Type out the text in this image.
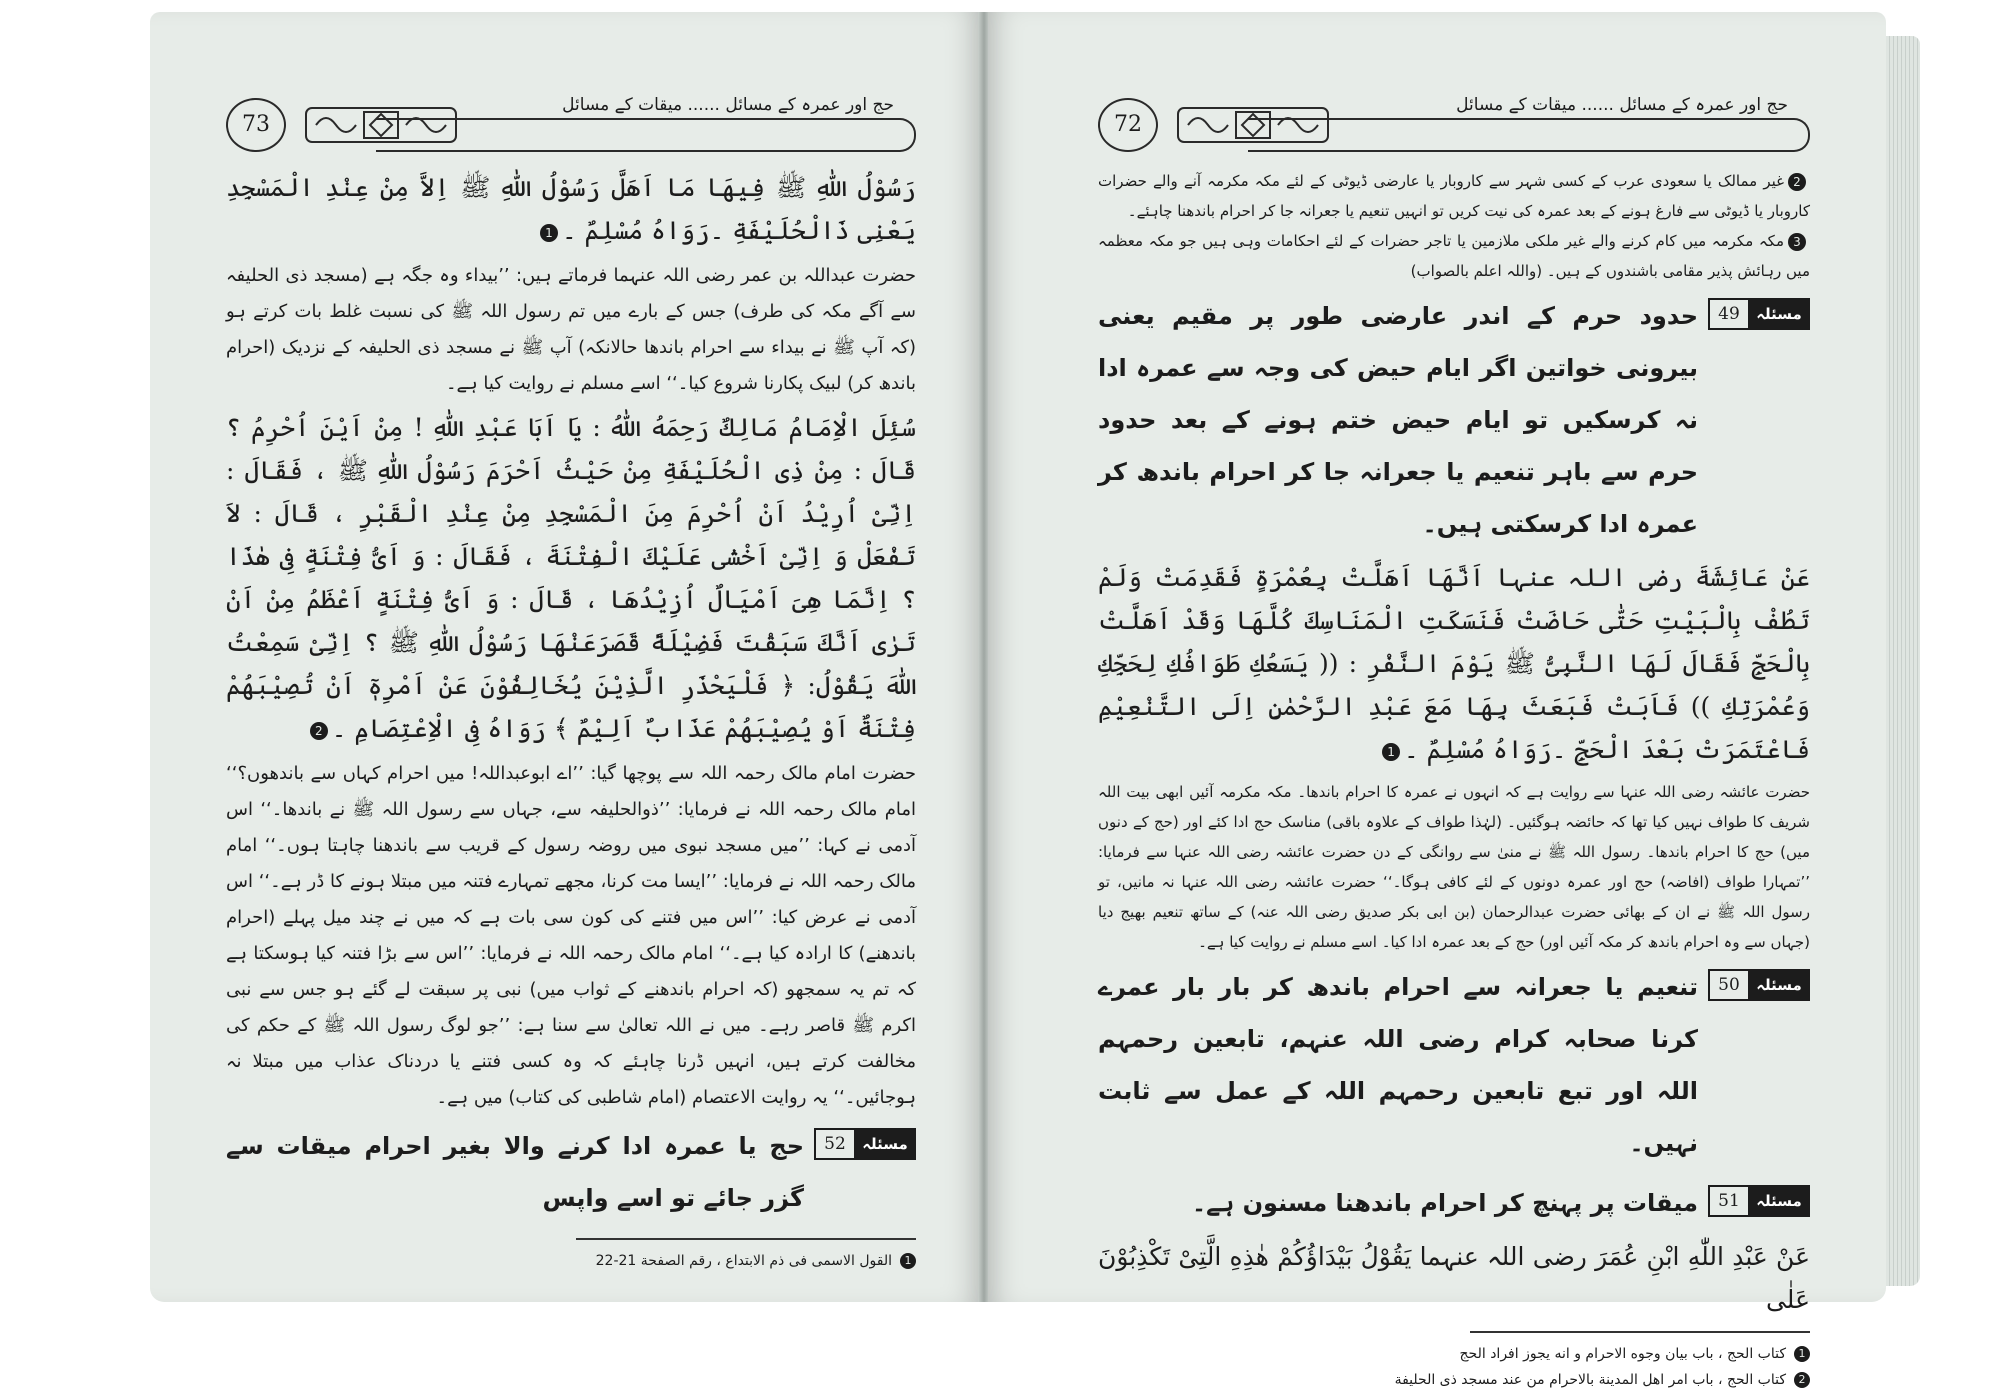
73
حج اور عمرہ کے مسائل ...... میقات کے مسائل

رَسُوْلُ اللّٰهِ ﷺ فِيهَا مَا اَهَلَّ رَسُوْلُ اللّٰهِ ﷺ اِلاَّ مِنْ عِنْدِ الْمَسْجِدِ يَعْنِى ذَالْحُلَيْفَةِ ۔رَوَاهُ مُسْلِمٌ ۔1

حضرت عبداللہ بن عمر رضی اللہ عنہما فرماتے ہیں: ’’بیداء وہ جگہ ہے (مسجد ذی الحلیفہ سے آگے مکہ کی طرف) جس کے بارے میں تم رسول اللہ ﷺ کی نسبت غلط بات کرتے ہو (کہ آپ ﷺ نے بیداء سے احرام باندھا حالانکہ) آپ ﷺ نے مسجد ذی الحلیفہ کے نزدیک (احرام باندھ کر) لبیک پکارنا شروع کیا۔‘‘ اسے مسلم نے روایت کیا ہے۔

سُئِلَ الْاِمَامُ مَالِكٌ رَحِمَهُ اللّٰهُ : يَا اَبَا عَبْدِ اللّٰهِ ! مِنْ اَيْنَ اُحْرِمُ ؟ قَالَ : مِنْ ذِى الْحُلَيْفَةِ مِنْ حَيْثُ اَحْرَمَ رَسُوْلُ اللّٰهِ ﷺ ، فَقَالَ : اِنِّىْ اُرِيْدُ اَنْ اُحْرِمَ مِنَ الْمَسْجِدِ مِنْ عِنْدِ الْقَبْرِ ، قَالَ : لاَ تَفْعَلْ وَ اِنِّىْ اَخْشٰى عَلَيْكَ الْفِتْنَةَ ، فَقَالَ : وَ اَىُّ فِتْنَةٍ فِى هٰذَا ؟ اِنَّمَا هِىَ اَمْيَالٌ اُزِيْدُهَا ، قَالَ : وَ اَىُّ فِتْنَةٍ اَعْظَمُ مِنْ اَنْ تَرٰى اَنَّكَ سَبَقْتَ فَضِيْلَةً قَصَرَعَنْهَا رَسُوْلُ اللّٰهِ ﷺ ؟ اِنِّىْ سَمِعْتُ اللّٰهَ يَقُوْلُ: ﴿ فَلْيَحْذَرِ الَّذِيْنَ يُخَالِفُوْنَ عَنْ اَمْرِهٖٓ اَنْ تُصِيْبَهُمْ فِتْنَةٌ اَوْ يُصِيْبَهُمْ عَذَابٌ اَلِيْمٌ ﴾ رَوَاهُ فِى الْاِعْتِصَامِ ۔2

حضرت امام مالک رحمہ اللہ سے پوچھا گیا: ’’اے ابوعبداللہ! میں احرام کہاں سے باندھوں؟‘‘ امام مالک رحمہ اللہ نے فرمایا: ’’ذوالحلیفہ سے، جہاں سے رسول اللہ ﷺ نے باندھا۔‘‘ اس آدمی نے کہا: ’’میں مسجد نبوی میں روضہ رسول کے قریب سے باندھنا چاہتا ہوں۔‘‘ امام مالک رحمہ اللہ نے فرمایا: ’’ایسا مت کرنا، مجھے تمہارے فتنہ میں مبتلا ہونے کا ڈر ہے۔‘‘ اس آدمی نے عرض کیا: ’’اس میں فتنے کی کون سی بات ہے کہ میں نے چند میل پہلے (احرام باندھنے) کا ارادہ کیا ہے۔‘‘ امام مالک رحمہ اللہ نے فرمایا: ’’اس سے بڑا فتنہ کیا ہوسکتا ہے کہ تم یہ سمجھو (کہ احرام باندھنے کے ثواب میں) نبی پر سبقت لے گئے ہو جس سے نبی اکرم ﷺ قاصر رہے۔ میں نے اللہ تعالیٰ سے سنا ہے: ’’جو لوگ رسول اللہ ﷺ کے حکم کی مخالفت کرتے ہیں، انہیں ڈرنا چاہئے کہ وہ کسی فتنے یا دردناک عذاب میں مبتلا نہ ہوجائیں۔‘‘ یہ روایت الاعتصام (امام شاطبی کی کتاب) میں ہے۔

52	مسئلہ

حج یا عمرہ ادا کرنے والا بغیر احرام میقات سے گزر جائے تو اسے واپس

1
القول الاسمی فی ذم الابتداع ، رقم الصفحة 21-22
72
حج اور عمرہ کے مسائل ...... میقات کے مسائل

2غیر ممالک یا سعودی عرب کے کسی شہر سے کاروبار یا عارضی ڈیوٹی کے لئے مکہ مکرمہ آنے والے حضرات کاروبار یا ڈیوٹی سے فارغ ہونے کے بعد عمرہ کی نیت کریں تو انہیں تنعیم یا جعرانہ جا کر احرام باندھنا چاہئے۔

3مکہ مکرمہ میں کام کرنے والے غیر ملکی ملازمین یا تاجر حضرات کے لئے احکامات وہی ہیں جو مکہ معظمہ میں رہائش پذیر مقامی باشندوں کے ہیں۔ (واللہ اعلم بالصواب)

49	مسئلہ

حدود حرم کے اندر عارضی طور پر مقیم یعنی بیرونی خواتین اگر ایام حیض کی وجہ سے عمرہ ادا نہ کرسکیں تو ایام حیض ختم ہونے کے بعد حدود حرم سے باہر تنعیم یا جعرانہ جا کر احرام باندھ کر عمرہ ادا کرسکتی ہیں۔

عَنْ عَائِشَةَ رضی اللہ عنہا اَنَّهَا اَهَلَّتْ بِعُمْرَةٍ فَقَدِمَتْ وَلَمْ تَطُفْ بِالْبَيْتِ حَتّٰى حَاضَتْ فَنَسَكَتِ الْمَنَاسِكَ كُلَّهَا وَقَدْ اَهَلَّتْ بِالْحَجِّ فَقَالَ لَهَا النَّبِىُّ ﷺ يَوْمَ النَّفْرِ : (( يَسَعُكِ طَوَافُكِ لِحَجِّكِ وَعُمْرَتِكِ )) فَاَبَتْ فَبَعَثَ بِهَا مَعَ عَبْدِ الرَّحْمٰنِ اِلَى التَّنْعِيْمِ فَاعْتَمَرَتْ بَعْدَ الْحَجِّ ۔رَوَاهُ مُسْلِمٌ ۔1

حضرت عائشہ رضی اللہ عنہا سے روایت ہے کہ انہوں نے عمرہ کا احرام باندھا۔ مکہ مکرمہ آئیں ابھی بیت اللہ شریف کا طواف نہیں کیا تھا کہ حائضہ ہوگئیں۔ (لہٰذا طواف کے علاوہ باقی) مناسک حج ادا کئے اور (حج کے دنوں میں) حج کا احرام باندھا۔ رسول اللہ ﷺ نے منیٰ سے روانگی کے دن حضرت عائشہ رضی اللہ عنہا سے فرمایا: ’’تمہارا طواف (افاضہ) حج اور عمرہ دونوں کے لئے کافی ہوگا۔‘‘ حضرت عائشہ رضی اللہ عنہا نہ مانیں، تو رسول اللہ ﷺ نے ان کے بھائی حضرت عبدالرحمان (بن ابی بکر صدیق رضی اللہ عنہ) کے ساتھ تنعیم بھیج دیا (جہاں سے وہ احرام باندھ کر مکہ آئیں اور) حج کے بعد عمرہ ادا کیا۔ اسے مسلم نے روایت کیا ہے۔

50	مسئلہ

تنعیم یا جعرانہ سے احرام باندھ کر بار بار عمرے کرنا صحابہ کرام رضی اللہ عنہم، تابعین رحمہم اللہ اور تبع تابعین رحمہم اللہ کے عمل سے ثابت نہیں۔

51	مسئلہ

میقات پر پہنچ کر احرام باندھنا مسنون ہے۔

عَنْ عَبْدِ اللّٰهِ ابْنِ عُمَرَ رضی اللہ عنہما يَقُوْلُ بَيْدَاؤُكُمْ هٰذِهِ الَّتِىْ تَكْذِبُوْنَ عَلٰى

1
كتاب الحج ، باب بيان وجوه الاحرام و انه يجوز افراد الحج
2
كتاب الحج ، باب امر اهل المدينة بالاحرام من عند مسجد ذى الحليفة
